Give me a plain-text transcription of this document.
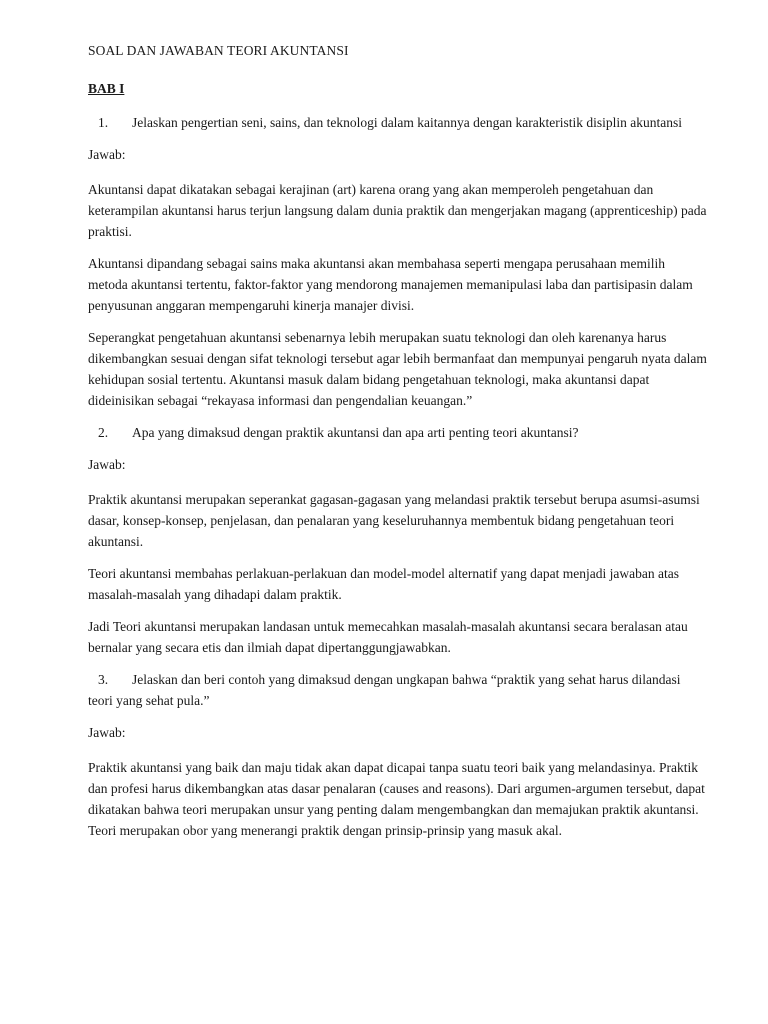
SOAL DAN JAWABAN TEORI AKUNTANSI
BAB I
1. Jelaskan pengertian seni, sains, dan teknologi dalam kaitannya dengan karakteristik disiplin akuntansi
Jawab:
Akuntansi dapat dikatakan sebagai kerajinan (art) karena orang yang akan memperoleh pengetahuan dan keterampilan akuntansi harus terjun langsung dalam dunia praktik dan mengerjakan magang (apprenticeship) pada praktisi.
Akuntansi dipandang sebagai sains maka akuntansi akan membahasa seperti mengapa perusahaan memilih metoda akuntansi tertentu, faktor-faktor yang mendorong manajemen memanipulasi laba dan partisipasin dalam penyusunan anggaran mempengaruhi kinerja manajer divisi.
Seperangkat pengetahuan akuntansi sebenarnya lebih merupakan suatu teknologi dan oleh karenanya harus dikembangkan sesuai dengan sifat teknologi tersebut agar lebih bermanfaat dan mempunyai pengaruh nyata dalam kehidupan sosial tertentu. Akuntansi masuk dalam bidang pengetahuan teknologi, maka akuntansi dapat dideinisikan sebagai “rekayasa informasi dan pengendalian keuangan.”
2. Apa yang dimaksud dengan praktik akuntansi dan apa arti penting teori akuntansi?
Jawab:
Praktik akuntansi merupakan seperankat gagasan-gagasan yang melandasi praktik tersebut berupa asumsi-asumsi dasar, konsep-konsep, penjelasan, dan penalaran yang keseluruhannya membentuk bidang pengetahuan teori akuntansi.
Teori akuntansi membahas perlakuan-perlakuan dan model-model alternatif yang dapat menjadi jawaban atas masalah-masalah yang dihadapi dalam praktik.
Jadi Teori akuntansi merupakan landasan untuk memecahkan masalah-masalah akuntansi secara beralasan atau bernalar yang secara etis dan ilmiah dapat dipertanggungjawabkan.
3. Jelaskan dan beri contoh yang dimaksud dengan ungkapan bahwa “praktik yang sehat harus dilandasi teori yang sehat pula.”
Jawab:
Praktik akuntansi yang baik dan maju tidak akan dapat dicapai tanpa suatu teori baik yang melandasinya. Praktik dan profesi harus dikembangkan atas dasar penalaran (causes and reasons). Dari argumen-argumen tersebut, dapat dikatakan bahwa teori merupakan unsur yang penting dalam mengembangkan dan memajukan praktik akuntansi. Teori merupakan obor yang menerangi praktik dengan prinsip-prinsip yang masuk akal.
